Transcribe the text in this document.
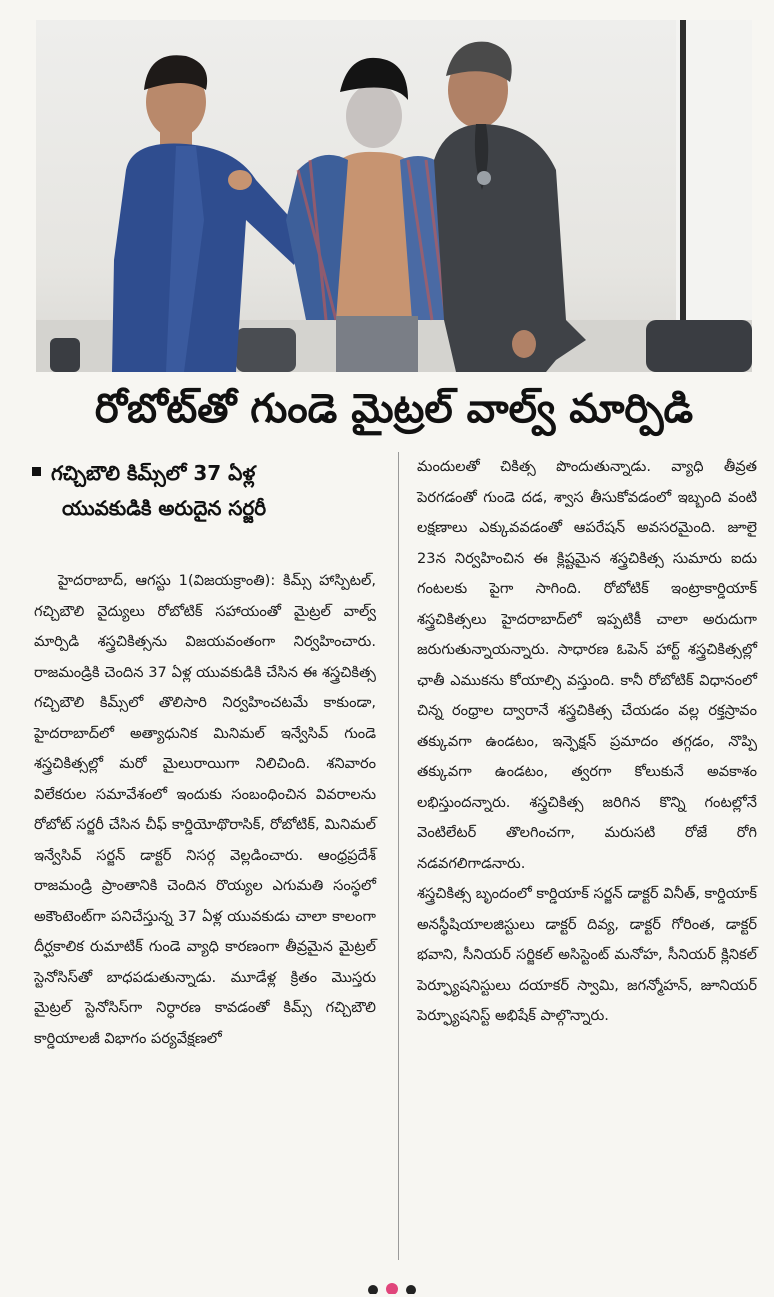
రోబోట్‌తో గుండె మైట్రల్ వాల్వ్ మార్పిడి
గచ్చిబౌలి కిమ్స్‌లో 37 ఏళ్ల
యువకుడికి అరుదైన సర్జరీ

హైదరాబాద్, ఆగస్టు 1(విజయక్రాంతి): కిమ్స్ హాస్పిటల్, గచ్చిబౌలి వైద్యులు రోబోటిక్ సహాయంతో మైట్రల్ వాల్వ్ మార్పిడి శస్త్రచికిత్సను విజయవంతంగా నిర్వహించారు. రాజమండ్రికి చెందిన 37 ఏళ్ల యువకుడికి చేసిన ఈ శస్త్రచికిత్స గచ్చిబౌలి కిమ్స్‌లో తొలిసారి నిర్వహించటమే కాకుండా, హైదరాబాద్‌లో అత్యాధునిక మినిమల్ ఇన్వేసివ్ గుండె శస్త్రచికిత్సల్లో మరో మైలురాయిగా నిలిచింది. శనివారం విలేకరుల సమావేశంలో ఇందుకు సంబంధించిన వివరాలను రోబోట్ సర్జరీ చేసిన చీఫ్ కార్డియోథొరాసిక్, రోబోటిక్, మినిమల్ ఇన్వేసివ్ సర్జన్ డాక్టర్ నిసర్గ వెల్లడించారు. ఆంధ్రప్రదేశ్ రాజమండ్రి ప్రాంతానికి చెందిన రొయ్యల ఎగుమతి సంస్థలో అకౌంటెంట్‌గా పనిచేస్తున్న 37 ఏళ్ల యువకుడు చాలా కాలంగా దీర్ఘకాలిక రుమాటిక్ గుండె వ్యాధి కారణంగా తీవ్రమైన మైట్రల్ స్టెనోసిస్‌తో బాధపడుతున్నాడు. మూడేళ్ల క్రితం మొస్తరు మైట్రల్ స్టెనోసిస్‌గా నిర్ధారణ కావడంతో కిమ్స్ గచ్చిబౌలి కార్డియాలజీ విభాగం పర్యవేక్షణలో

మందులతో చికిత్స పొందుతున్నాడు. వ్యాధి తీవ్రత పెరగడంతో గుండె దడ, శ్వాస తీసుకోవడంలో ఇబ్బంది వంటి లక్షణాలు ఎక్కువవడంతో ఆపరేషన్ అవసరమైంది. జూలై 23న నిర్వహించిన ఈ క్లిష్టమైన శస్త్రచికిత్స సుమారు ఐదు గంటలకు పైగా సాగింది. రోబోటిక్ ఇంట్రాకార్డియాక్ శస్త్రచికిత్సలు హైదరాబాద్‌లో ఇప్పటికీ చాలా అరుదుగా జరుగుతున్నాయన్నారు. సాధారణ ఓపెన్ హార్ట్ శస్త్రచికిత్సల్లో ఛాతీ ఎముకను కోయాల్సి వస్తుంది. కానీ రోబోటిక్ విధానంలో చిన్న రంధ్రాల ద్వారానే శస్త్రచికిత్స చేయడం వల్ల రక్తస్రావం తక్కువగా ఉండటం, ఇన్ఫెక్షన్ ప్రమాదం తగ్గడం, నొప్పి తక్కువగా ఉండటం, త్వరగా కోలుకునే అవకాశం లభిస్తుందన్నారు. శస్త్రచికిత్స జరిగిన కొన్ని గంటల్లోనే వెంటిలేటర్ తొలగించగా, మరుసటి రోజే రోగి నడవగలిగాడనారు.

శస్త్రచికిత్స బృందంలో కార్డియాక్ సర్జన్ డాక్టర్ వినీత్, కార్డియాక్ అనస్థీషియాలజిస్టులు డాక్టర్ దివ్య, డాక్టర్ గోరింత, డాక్టర్ భవాని, సీనియర్ సర్జికల్ అసిస్టెంట్ మనోహ, సీనియర్ క్లినికల్ పెర్ఫ్యూషనిస్టులు దయాకర్ స్వామి, జగన్మోహన్, జూనియర్ పెర్ఫ్యూషనిస్ట్ అభిషేక్ పాల్గొన్నారు.
